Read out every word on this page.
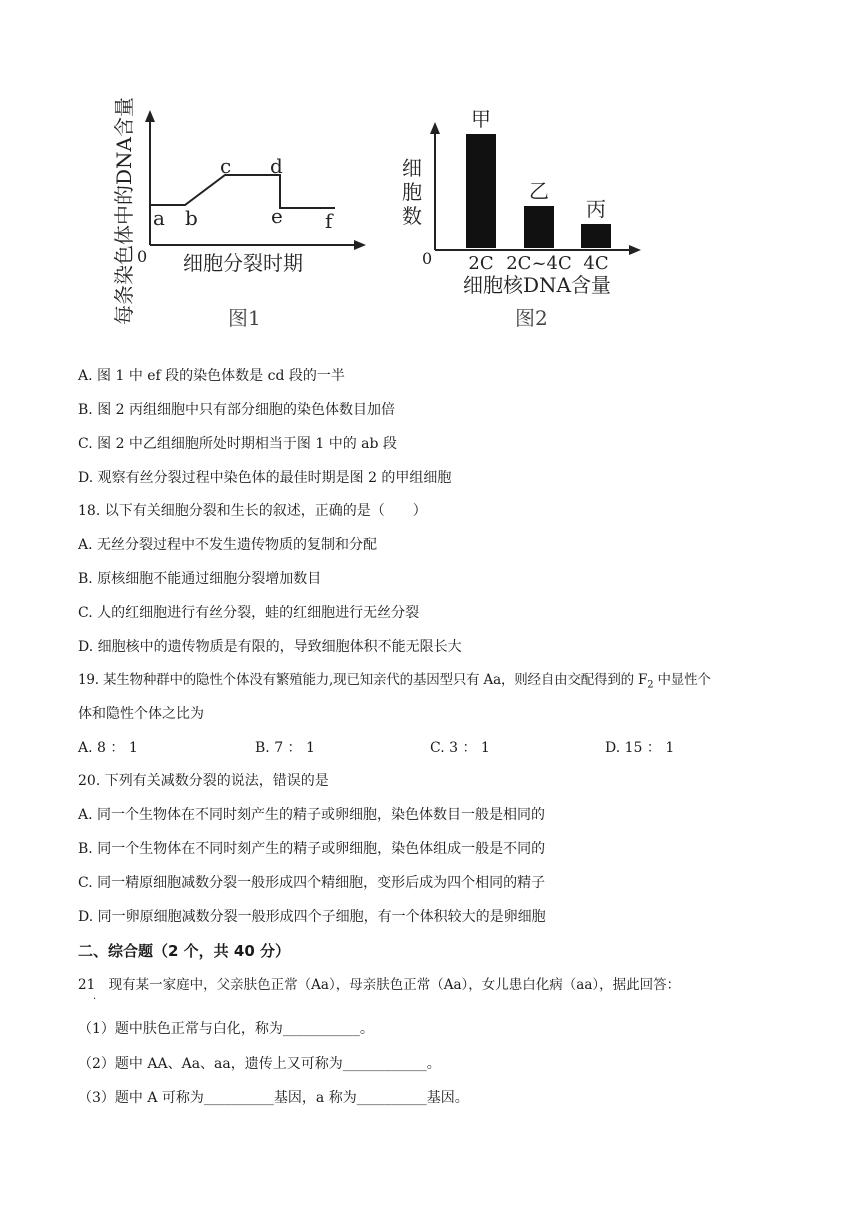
每条染色体中的DNA含量 0
a b
c d
e f
细胞分裂时期
图1
甲
2C
乙
2C~4C
丙
4C
细
胞
数
0
细胞核DNA含量
图2
A. 图 1 中 ef 段的染色体数是 cd 段的一半
B. 图 2 丙组细胞中只有部分细胞的染色体数目加倍
C. 图 2 中乙组细胞所处时期相当于图 1 中的 ab 段
D. 观察有丝分裂过程中染色体的最佳时期是图 2 的甲组细胞
18. 以下有关细胞分裂和生长的叙述，正确的是（　　）
A. 无丝分裂过程中不发生遗传物质的复制和分配
B. 原核细胞不能通过细胞分裂增加数目
C. 人的红细胞进行有丝分裂，蛙的红细胞进行无丝分裂
D. 细胞核中的遗传物质是有限的，导致细胞体积不能无限长大
19. 某生物种群中的隐性个体没有繁殖能力,现已知亲代的基因型只有 Aa，则经自由交配得到的 $F_2$ 中显性个
体和隐性个体之比为
A. 8 ： 1	B. 7 ： 1	C. 3 ： 1	D. 15 ： 1
20. 下列有关减数分裂的说法，错误的是
A. 同一个生物体在不同时刻产生的精子或卵细胞，染色体数目一般是相同的
B. 同一个生物体在不同时刻产生的精子或卵细胞，染色体组成一般是不同的
C. 同一精原细胞减数分裂一般形成四个精细胞，变形后成为四个相同的精子
D. 同一卵原细胞减数分裂一般形成四个子细胞，有一个体积较大的是卵细胞
二、综合题（2 个，共 40 分）
21　现有某一家庭中，父亲肤色正常（Aa），母亲肤色正常（Aa），女儿患白化病（aa），据此回答：
·
（1）题中肤色正常与白化，称为___________。
（2）题中 AA、Aa、aa，遗传上又可称为____________。
（3）题中 A 可称为__________基因，a 称为__________基因。
